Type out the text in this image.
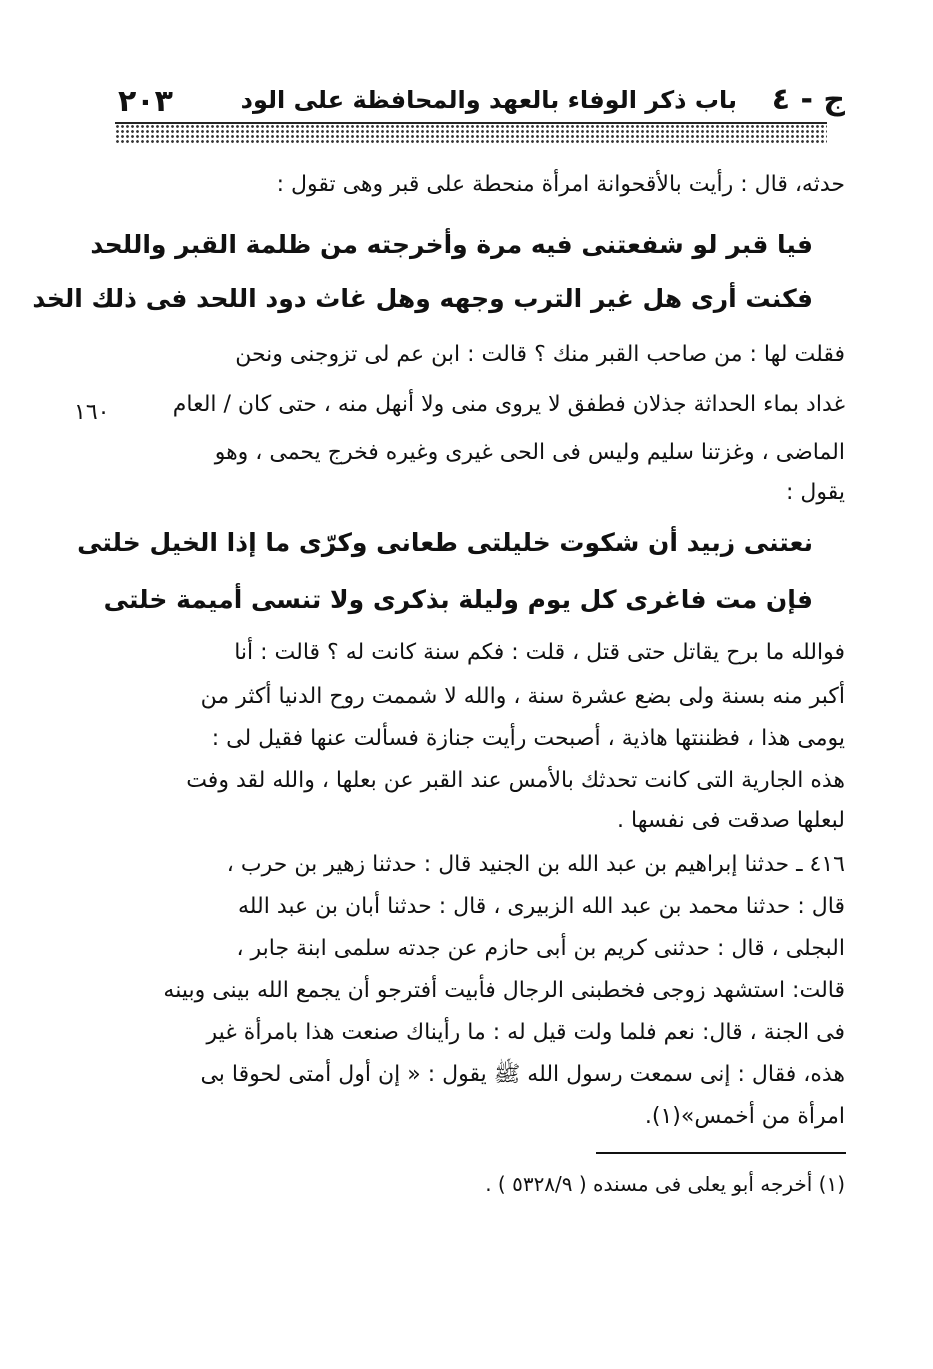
ج - ٤
باب ذكر الوفاء بالعهد والمحافظة على الود
٢٠٣
حدثه، قال : رأيت بالأقحوانة امرأة منحطة على قبر وهى تقول :
فيا قبر لو شفعتنى فيه مرة وأخرجته من ظلمة القبر واللحد
فكنت أرى هل غير الترب وجهه وهل غاث دود اللحد فى ذلك الخد
فقلت لها : من صاحب القبر منك ؟ قالت : ابن عم لى تزوجنى ونحن
غداد بماء الحداثة جذلان فطفق لا يروى منى ولا أنهل منه ، حتى كان / العام
١٦٠
الماضى ، وغزتنا سليم وليس فى الحى غيرى وغيره فخرج يحمى ، وهو
يقول :
نعتنى زبيد أن شكوت خليلتى طعانى وكرّى ما إذا الخيل خلتى
فإن مت فاغرى كل يوم وليلة بذكرى ولا تنسى أميمة خلتى
فوالله ما برح يقاتل حتى قتل ، قلت : فكم سنة كانت له ؟ قالت : أنا
أكبر منه بسنة ولى بضع عشرة سنة ، والله لا شممت روح الدنيا أكثر من
يومى هذا ، فظننتها هاذية ، أصبحت رأيت جنازة فسألت عنها فقيل لى :
هذه الجارية التى كانت تحدثك بالأمس عند القبر عن بعلها ، والله لقد وفت
لبعلها صدقت فى نفسها .
٤١٦ ـ حدثنا إبراهيم بن عبد الله بن الجنيد قال : حدثنا زهير بن حرب ،
قال : حدثنا محمد بن عبد الله الزبيرى ، قال : حدثنا أبان بن عبد الله
البجلى ، قال : حدثنى كريم بن أبى حازم عن جدته سلمى ابنة جابر ،
قالت: استشهد زوجى فخطبنى الرجال فأبيت أفترجو أن يجمع الله بينى وبينه
فى الجنة ، قال: نعم فلما ولت قيل له : ما رأيناك صنعت هذا بامرأة غير
هذه، فقال : إنى سمعت رسول الله ﷺ يقول : « إن أول أمتى لحوقا بى
امرأة من أخمس»(١).
(١) أخرجه أبو يعلى فى مسنده ( ٥٣٢٨/٩ ) .
